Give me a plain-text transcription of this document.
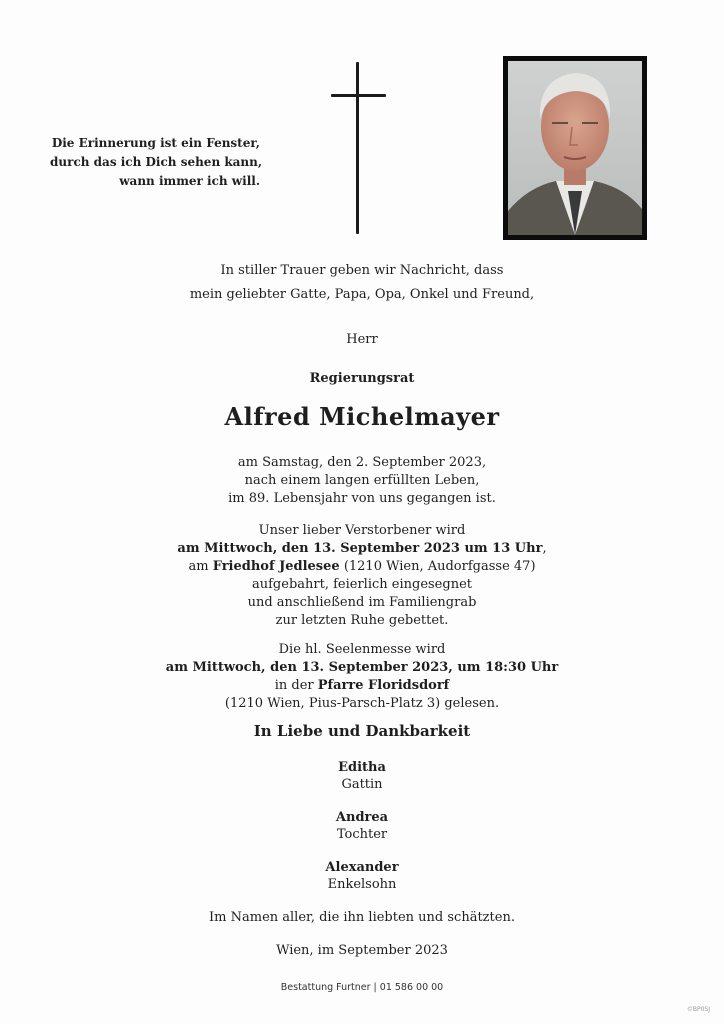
Die Erinnerung ist ein Fenster,
durch das ich Dich sehen kann,
wann immer ich will.
In stiller Trauer geben wir Nachricht, dass
mein geliebter Gatte, Papa, Opa, Onkel und Freund,
Herr
Regierungsrat
Alfred Michelmayer
am Samstag, den 2. September 2023,
nach einem langen erfüllten Leben,
im 89. Lebensjahr von uns gegangen ist.
Unser lieber Verstorbener wird
am Mittwoch, den 13. September 2023 um 13 Uhr,
am Friedhof Jedlesee (1210 Wien, Audorfgasse 47)
aufgebahrt, feierlich eingesegnet
und anschließend im Familiengrab
zur letzten Ruhe gebettet.
Die hl. Seelenmesse wird
am Mittwoch, den 13. September 2023, um 18:30 Uhr
in der Pfarre Floridsdorf
(1210 Wien, Pius-Parsch-Platz 3) gelesen.
In Liebe und Dankbarkeit
Editha
Gattin
Andrea
Tochter
Alexander
Enkelsohn
Im Namen aller, die ihn liebten und schätzten.
Wien, im September 2023
Bestattung Furtner | 01 586 00 00
©BP0SJ
